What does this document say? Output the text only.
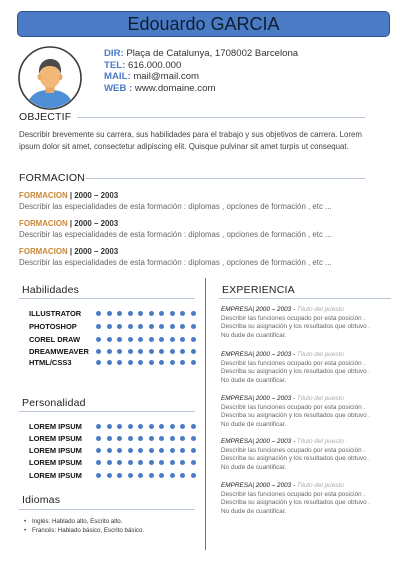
Edouardo GARCIA
DIR: Plaça de Catalunya, 1708002 Barcelona
TEL: 616.000.000
MAIL: mail@mail.com
WEB : www.domaine.com
OBJECTIF
Describir brevemente su carrera, sus habilidades para el trabajo y sus objetivos de carrera. Lorem ipsum dolor sit amet, consectetur adipiscing elit. Quisque pulvinar sit amet turpis ut consequat.
FORMACION
FORMACION | 2000 – 2003
Describir las especialidades de esta formación : diplomas , opciones de formación , etc ...
FORMACION | 2000 – 2003
Describir las especialidades de esta formación : diplomas , opciones de formación , etc ...
FORMACION | 2000 – 2003
Describir las especialidades de esta formación : diplomas , opciones de formación , etc ...
Habilidades
ILLUSTRATOR
PHOTOSHOP
COREL DRAW
DREAMWEAVER
HTML/CSS3
Personalidad
LOREM IPSUM
LOREM IPSUM
LOREM IPSUM
LOREM IPSUM
LOREM IPSUM
Idiomas
• Inglés: Hablado alto, Escrito alto.
• Francés: Hablado básico, Escrito básico.
EXPERIENCIA
EMPRESA| 2000 – 2003 - Titulo del puesto
Describir las funciones ocupado por esta posición .
Describa su asignación y los resultados que obtuvo .
No dude de cuantificar.
EMPRESA| 2000 – 2003 - Titulo del puesto
Describir las funciones ocupado por esta posición .
Describa su asignación y los resultados que obtuvo .
No dude de cuantificar.
EMPRESA| 2000 – 2003 - Titulo del puesto
Describir las funciones ocupado por esta posición .
Describa su asignación y los resultados que obtuvo .
No dude de cuantificar.
EMPRESA| 2000 – 2003 - Titulo del puesto
Describir las funciones ocupado por esta posición .
Describa su asignación y los resultados que obtuvo .
No dude de cuantificar.
EMPRESA| 2000 – 2003 - Titulo del puesto
Describir las funciones ocupado por esta posición .
Describa su asignación y los resultados que obtuvo .
No dude de cuantificar.
